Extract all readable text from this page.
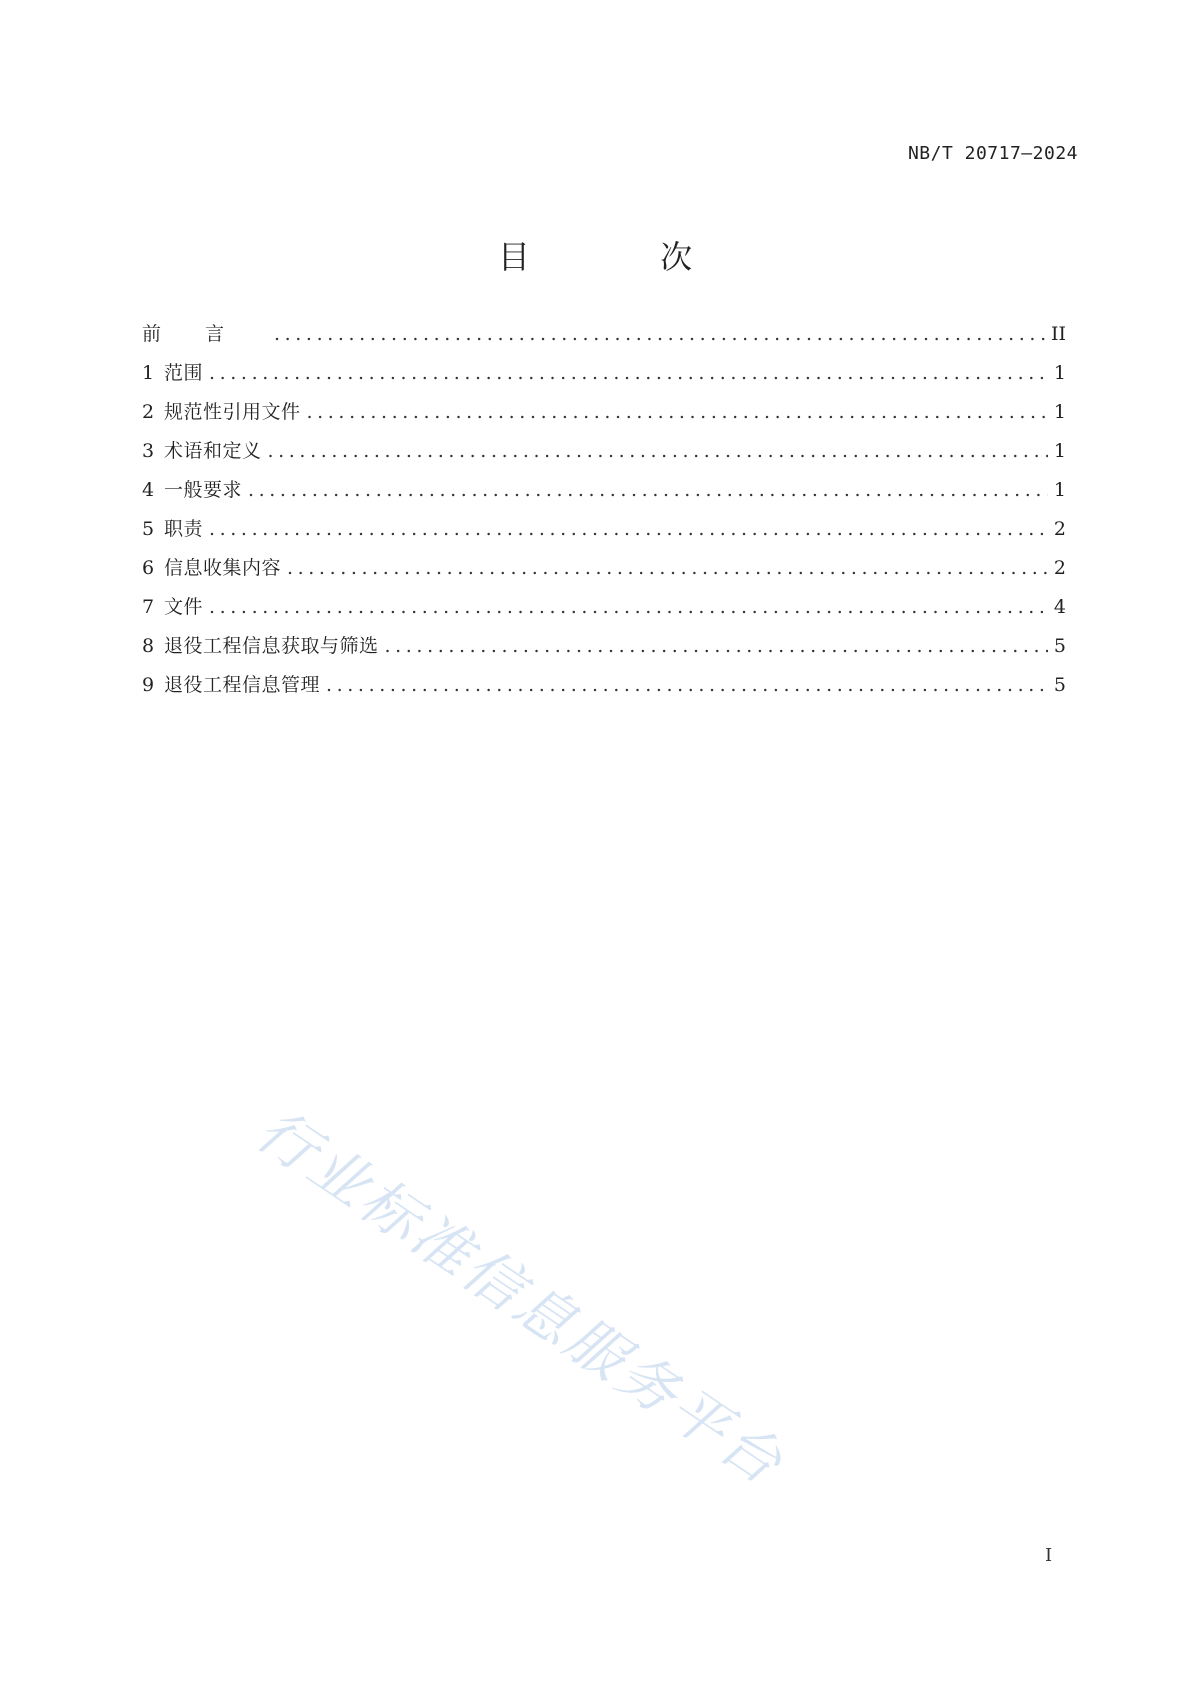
NB/T 20717—2024
目 次
前言 .....	II
1 范围 .....	1
2 规范性引用文件 .....	1
3 术语和定义 .....	1
4 一般要求 .....	1
5 职责 .....	2
6 信息收集内容 .....	2
7 文件 .....	4
8 退役工程信息获取与筛选 .....	5
9 退役工程信息管理 .....	5
行业标准信息服务平台
I
